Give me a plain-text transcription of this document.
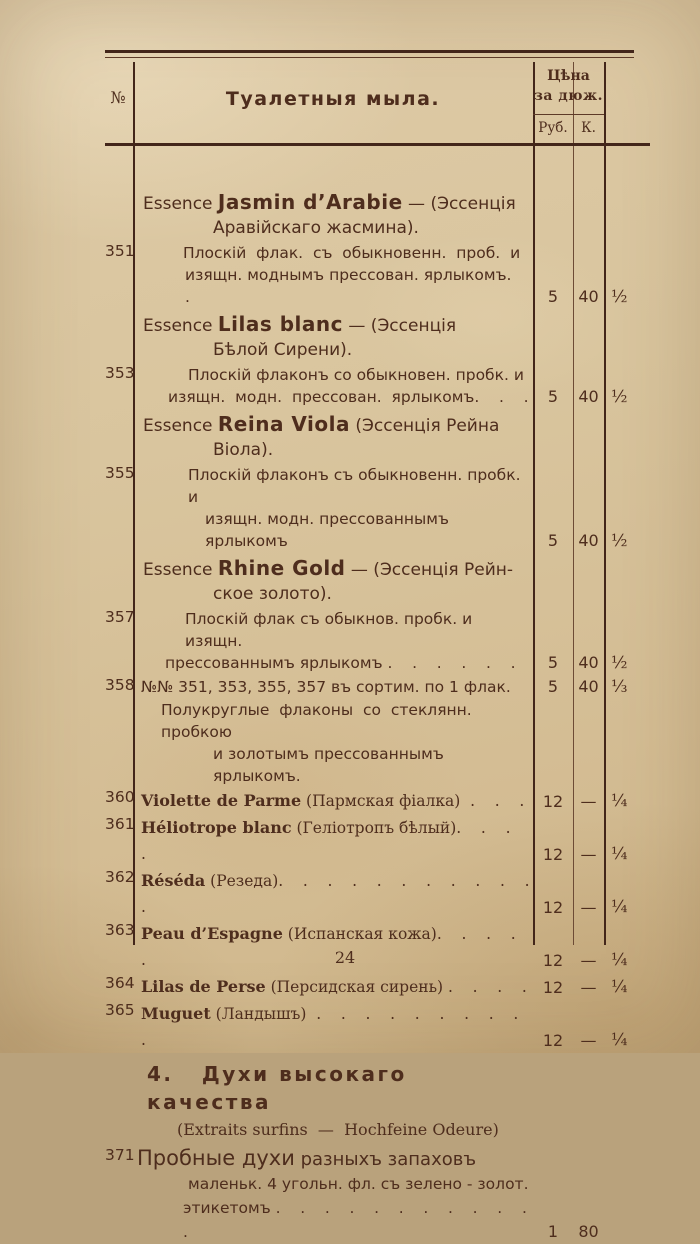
№	Туалетныя мыла.
Цѣна
за дюж.
Руб. К.
Essence Jasmin d’Arabie — (Эссенція
Аравійскаго жасмина).
351	Плоскій  флак.  съ  обыкновенн.  проб.  и
изящн. моднымъ прессован. ярлыкомъ.    .	5	40 ½
Essence Lilas blanc — (Эссенція
Бѣлой Сирени).
353	Плоскій флаконъ со обыкновен. пробк. и
изящн.  модн.  прессован.  ярлыкомъ.    .    .	5	40 ½
Essence Reina Viola (Эссенція Рейна
Віола).
355	Плоскій флаконъ съ обыкновенн. пробк. и
изящн. модн. прессованнымъ ярлыкомъ	5	40 ½
Essence Rhine Gold — (Эссенція Рейн-
ское золото).
357	Плоскій флак съ обыкнов. пробк. и изящн.
прессованнымъ ярлыкомъ .    .    .    .    .    .	5	40 ½
358 №№ 351, 353, 355, 357 въ сортим. по 1 флак.	5	40 ⅓
Полукруглые  флаконы  со  стеклянн.  пробкою
и золотымъ прессованнымъ ярлыкомъ.
360 Violette de Parme (Пармская фіалка)  .    .    .	12	— ¼
361 Héliotrope blanc (Геліотропъ бѣлый).    .    .    .	12	— ¼
362 Réséda (Резеда).    .    .    .    .    .    .    .    .    .    .    .	12	— ¼
363 Peau d’Espagne (Испанская кожа).    .    .    .    .	12	— ¼
364 Lilas de Perse (Персидская сирень) .    .    .    . 12	— ¼
365 Muguet (Ландышъ)  .    .    .    .    .    .    .    .    .    .	12	— ¼
4.   Духи высокаго качества
(Extraits surfins  —  Hochfeine Odeure)
371 Пробные духи разныхъ запаховъ
маленьк. 4 угольн. фл. съ зелено - золот.
этикетомъ .    .    .    .    .    .    .    .    .    .    .    .	1	80
24
